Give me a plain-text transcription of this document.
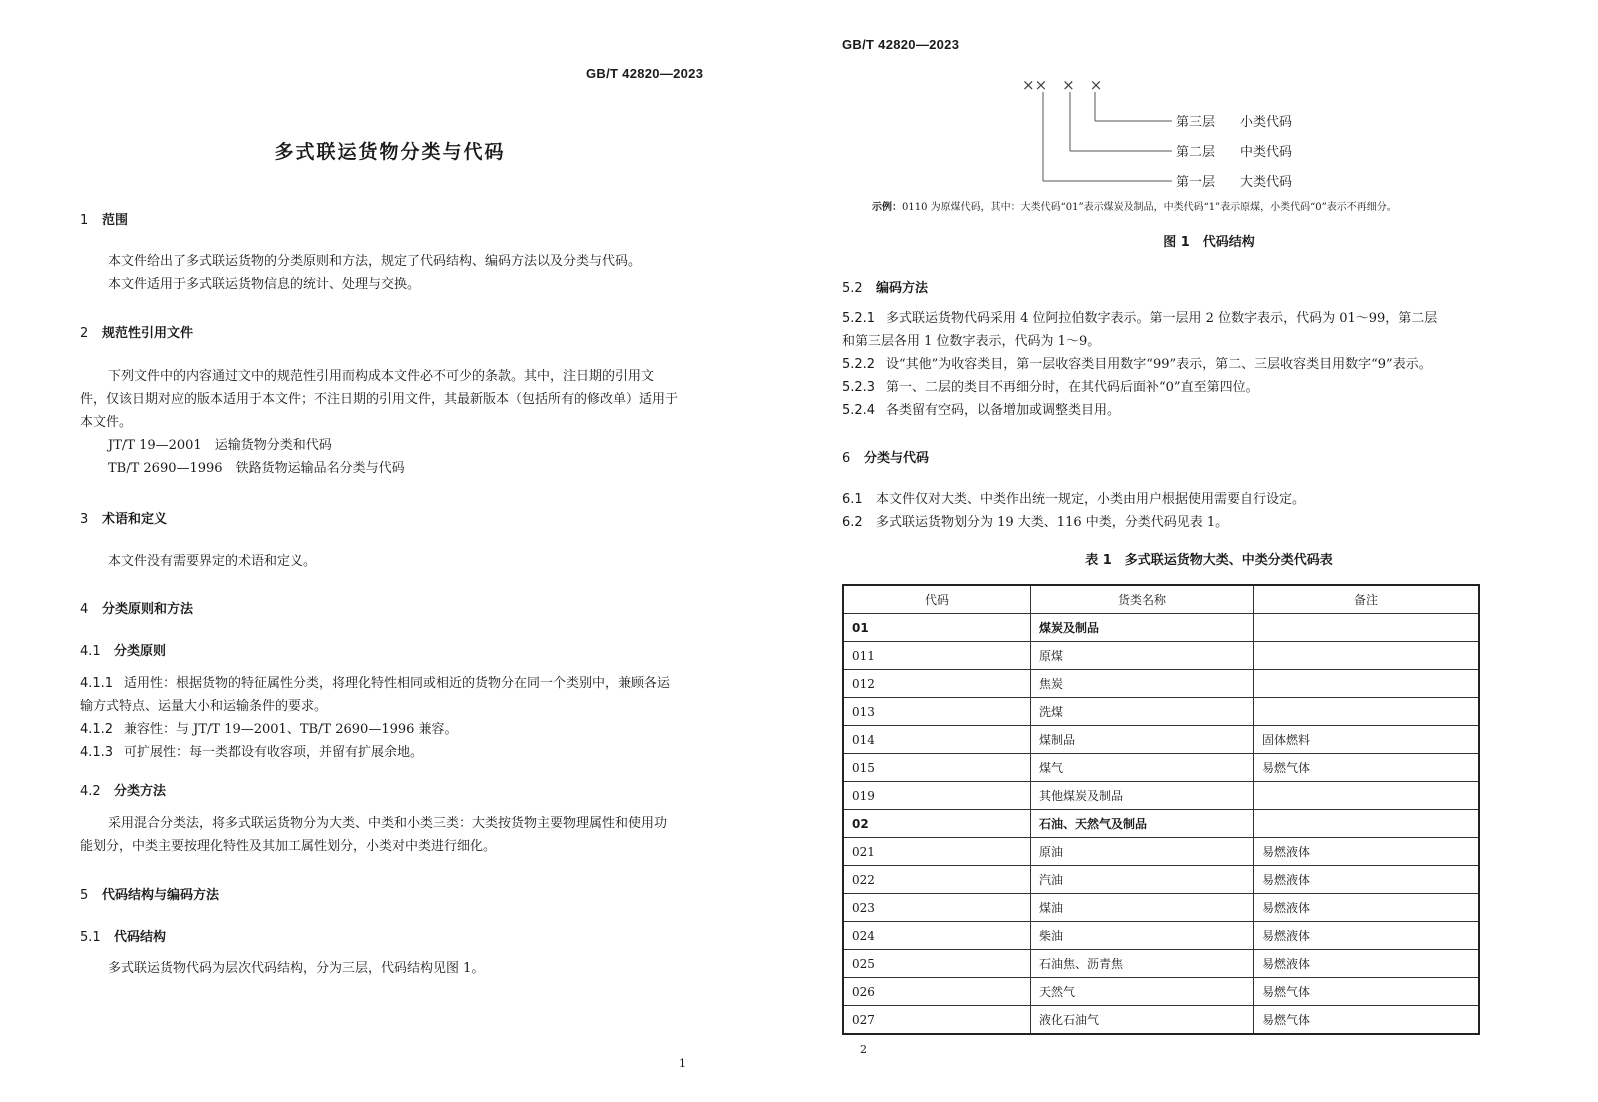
GB/T 42820—2023
多式联运货物分类与代码
1 范围
本文件给出了多式联运货物的分类原则和方法，规定了代码结构、编码方法以及分类与代码。
本文件适用于多式联运货物信息的统计、处理与交换。
2 规范性引用文件
下列文件中的内容通过文中的规范性引用而构成本文件必不可少的条款。其中，注日期的引用文
件，仅该日期对应的版本适用于本文件；不注日期的引用文件，其最新版本（包括所有的修改单）适用于
本文件。
JT/T 19—2001　运输货物分类和代码
TB/T 2690—1996　铁路货物运输品名分类与代码
3 术语和定义
本文件没有需要界定的术语和定义。
4 分类原则和方法
4.1 分类原则
4.1.1 适用性：根据货物的特征属性分类，将理化特性相同或相近的货物分在同一个类别中，兼顾各运
输方式特点、运量大小和运输条件的要求。
4.1.2 兼容性：与 JT/T 19—2001、TB/T 2690—1996 兼容。
4.1.3 可扩展性：每一类都设有收容项，并留有扩展余地。
4.2 分类方法
采用混合分类法，将多式联运货物分为大类、中类和小类三类：大类按货物主要物理属性和使用功
能划分，中类主要按理化特性及其加工属性划分，小类对中类进行细化。
5 代码结构与编码方法
5.1 代码结构
多式联运货物代码为层次代码结构，分为三层，代码结构见图 1。
1
GB/T 42820—2023
××　×　×
第三层 小类代码
第二层 中类代码
第一层 大类代码
示例：0110 为原煤代码，其中：大类代码“01”表示煤炭及制品，中类代码“1”表示原煤，小类代码“0”表示不再细分。
图 1　代码结构
5.2 编码方法
5.2.1 多式联运货物代码采用 4 位阿拉伯数字表示。第一层用 2 位数字表示，代码为 01～99，第二层
和第三层各用 1 位数字表示，代码为 1～9。
5.2.2 设“其他”为收容类目，第一层收容类目用数字“99”表示，第二、三层收容类目用数字“9”表示。
5.2.3 第一、二层的类目不再细分时，在其代码后面补“0”直至第四位。
5.2.4 各类留有空码，以备增加或调整类目用。
6 分类与代码
6.1 本文件仅对大类、中类作出统一规定，小类由用户根据使用需要自行设定。
6.2 多式联运货物划分为 19 大类、116 中类，分类代码见表 1。
表 1　多式联运货物大类、中类分类代码表
代码	货类名称	备注
01	煤炭及制品	
011	原煤	
012	焦炭	
013	洗煤	
014	煤制品	固体燃料
015	煤气	易燃气体
019	其他煤炭及制品	
02	石油、天然气及制品	
021	原油	易燃液体
022	汽油	易燃液体
023	煤油	易燃液体
024	柴油	易燃液体
025	石油焦、沥青焦	易燃液体
026	天然气	易燃气体
027	液化石油气	易燃气体
2
